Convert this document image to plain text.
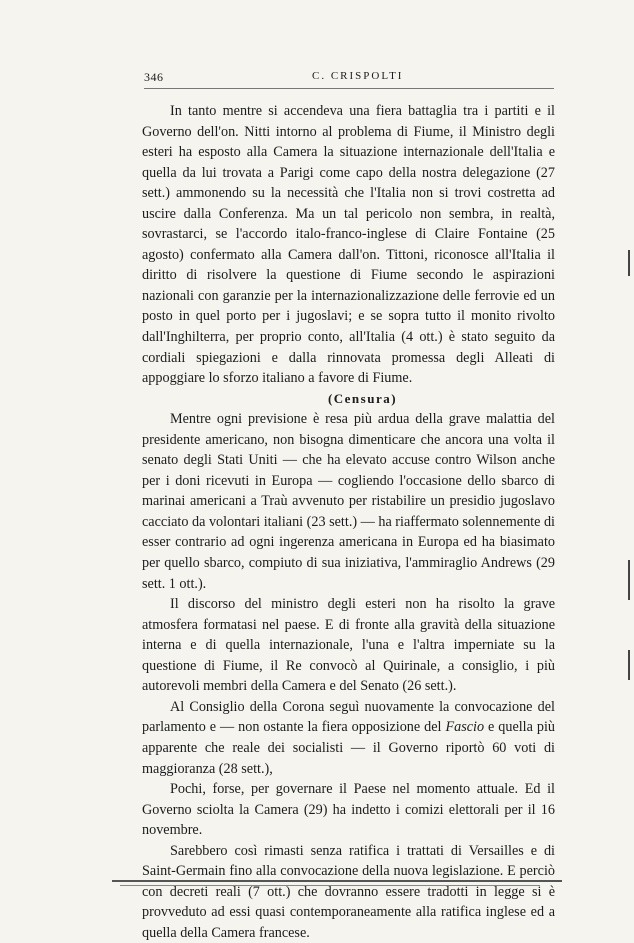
346	C. CRISPOLTI

In tanto mentre si accendeva una fiera battaglia tra i partiti e il Governo dell'on. Nitti intorno al problema di Fiume, il Ministro degli esteri ha esposto alla Camera la situazione internazionale dell'Italia e quella da lui trovata a Parigi come capo della nostra delegazione (27 sett.) ammonendo su la necessità che l'Italia non si trovi costretta ad uscire dalla Conferenza. Ma un tal pericolo non sembra, in realtà, sovrastarci, se l'accordo italo-franco-inglese di Claire Fontaine (25 agosto) confermato alla Camera dall'on. Tittoni, riconosce all'Italia il diritto di risolvere la questione di Fiume secondo le aspirazioni nazionali con garanzie per la internazionalizzazione delle ferrovie ed un posto in quel porto per i jugoslavi; e se sopra tutto il monito rivolto dall'Inghilterra, per proprio conto, all'Italia (4 ott.) è stato seguito da cordiali spiegazioni e dalla rinnovata promessa degli Alleati di appoggiare lo sforzo italiano a favore di Fiume.

(Censura)

Mentre ogni previsione è resa più ardua della grave malattia del presidente americano, non bisogna dimenticare che ancora una volta il senato degli Stati Uniti — che ha elevato accuse contro Wilson anche per i doni ricevuti in Europa — cogliendo l'occasione dello sbarco di marinai americani a Traù avvenuto per ristabilire un presidio jugoslavo cacciato da volontari italiani (23 sett.) — ha riaffermato solennemente di esser contrario ad ogni ingerenza americana in Europa ed ha biasimato per quello sbarco, compiuto di sua iniziativa, l'ammiraglio Andrews (29 sett. 1 ott.).

Il discorso del ministro degli esteri non ha risolto la grave atmosfera formatasi nel paese. E di fronte alla gravità della situazione interna e di quella internazionale, l'una e l'altra imperniate su la questione di Fiume, il Re convocò al Quirinale, a consiglio, i più autorevoli membri della Camera e del Senato (26 sett.).

Al Consiglio della Corona seguì nuovamente la convocazione del parlamento e — non ostante la fiera opposizione del Fascio e quella più apparente che reale dei socialisti — il Governo riportò 60 voti di maggioranza (28 sett.),

Pochi, forse, per governare il Paese nel momento attuale. Ed il Governo sciolta la Camera (29) ha indetto i comizi elettorali per il 16 novembre.

Sarebbero così rimasti senza ratifica i trattati di Versailles e di Saint-Germain fino alla convocazione della nuova legislazione. E perciò con decreti reali (7 ott.) che dovranno essere tradotti in legge si è provveduto ad essi quasi contemporaneamente alla ratifica inglese ed a quella della Camera francese.
